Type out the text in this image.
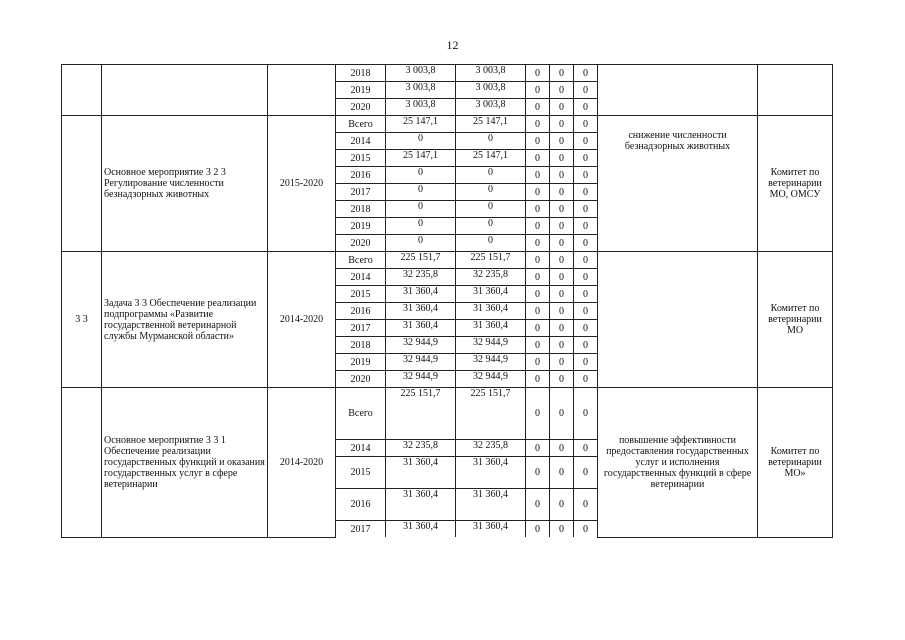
12
			2018	3 003,8	3 003,8	0	0	0		
			2019	3 003,8	3 003,8	0	0	0		
			2020	3 003,8	3 003,8	0	0	0		
	Основное мероприятие 3 2 3 Регулирование численности безнадзорных животных	2015-2020	Всего	25 147,1	25 147,1	0	0	0	снижение численности безнадзорных животных	Комитет по ветеринарии МО, ОМСУ
			2014	0	0	0	0	0		
			2015	25 147,1	25 147,1	0	0	0		
			2016	0	0	0	0	0		
			2017	0	0	0	0	0		
			2018	0	0	0	0	0		
			2019	0	0	0	0	0		
			2020	0	0	0	0	0		
3 3	Задача 3 3 Обеспечение реализации подпрограммы «Развитие государственной ветеринарной службы Мурманской области»	2014-2020	Всего	225 151,7	225 151,7	0	0	0		Комитет по ветеринарии МО
			2014	32 235,8	32 235,8	0	0	0		
			2015	31 360,4	31 360,4	0	0	0		
			2016	31 360,4	31 360,4	0	0	0		
			2017	31 360,4	31 360,4	0	0	0		
			2018	32 944,9	32 944,9	0	0	0		
			2019	32 944,9	32 944,9	0	0	0		
			2020	32 944,9	32 944,9	0	0	0		
	Основное мероприятие 3 3 1 Обеспечение реализации государственных функций и оказания государственных услуг в сфере ветеринарии	2014-2020	Всего	225 151,7	225 151,7	0	0	0	повышение эффективности предоставления государственных услуг и исполнения государственных функций в сфере ветеринарии	Комитет по ветеринарии МО»
			2014	32 235,8	32 235,8	0	0	0		
			2015	31 360,4	31 360,4	0	0	0		
			2016	31 360,4	31 360,4	0	0	0		
			2017	31 360,4	31 360,4	0	0	0		
